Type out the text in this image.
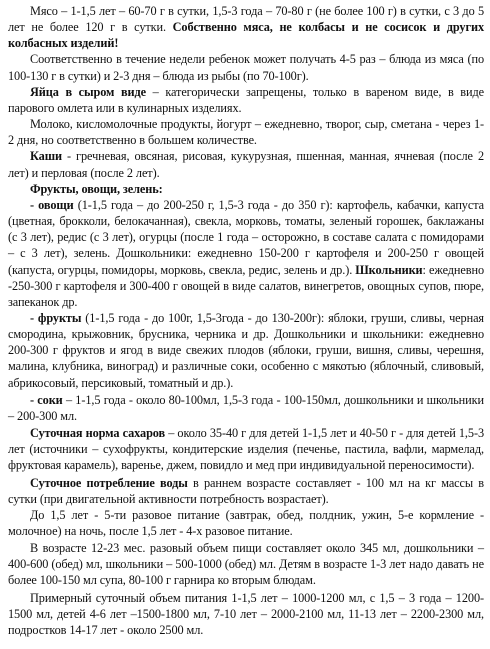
Мясо – 1-1,5 лет – 60-70 г в сутки, 1,5-3 года – 70-80 г (не более 100 г) в сутки, с 3 до 5 лет не более 120 г в сутки. Собственно мяса, не колбасы и не сосисок и других колбасных изделий!

Соответственно в течение недели ребенок может получать 4-5 раз – блюда из мяса (по 100-130 г в сутки) и 2-3 дня – блюда из рыбы (по 70-100г).

Яйца в сыром виде – категорически запрещены, только в вареном виде, в виде парового омлета или в кулинарных изделиях.

Молоко, кисломолочные продукты, йогурт – ежедневно, творог, сыр, сметана - через 1-2 дня, но соответственно в большем количестве.

Каши - гречневая, овсяная, рисовая, кукурузная, пшенная, манная, ячневая (после 2 лет) и перловая (после 2 лет).

Фрукты, овощи, зелень:

- овощи (1-1,5 года – до 200-250 г, 1,5-3 года - до 350 г): картофель, кабачки, капуста (цветная, брокколи, белокачанная), свекла, морковь, томаты, зеленый горошек, баклажаны (с 3 лет), редис (с 3 лет), огурцы (после 1 года – осторожно, в составе салата с помидорами – с 3 лет), зелень. Дошкольники: ежедневно 150-200 г картофеля и 200-250 г овощей (капуста, огурцы, помидоры, морковь, свекла, редис, зелень и др.). Школьники: ежедневно -250-300 г картофеля и 300-400 г овощей в виде салатов, винегретов, овощных супов, пюре, запеканок др.

- фрукты (1-1,5 года - до 100г, 1,5-3года - до 130-200г): яблоки, груши, сливы, черная смородина, крыжовник, брусника, черника и др. Дошкольники и школьники: ежедневно 200-300 г фруктов и ягод в виде свежих плодов (яблоки, груши, вишня, сливы, черешня, малина, клубника, виноград) и различные соки, особенно с мякотью (яблочный, сливовый, абрикосовый, персиковый, томатный и др.).

- соки – 1-1,5 года - около 80-100мл, 1,5-3 года - 100-150мл, дошкольники и школьники – 200-300 мл.

Суточная норма сахаров – около 35-40 г для детей 1-1,5 лет и 40-50 г - для детей 1,5-3 лет (источники – сухофрукты, кондитерские изделия (печенье, пастила, вафли, мармелад, фруктовая карамель), варенье, джем, повидло и мед при индивидуальной переносимости).

Суточное потребление воды в раннем возрасте составляет - 100 мл на кг массы в сутки (при двигательной активности потребность возрастает).

До 1,5 лет - 5-ти разовое питание (завтрак, обед, полдник, ужин, 5-е кормление - молочное) на ночь, после 1,5 лет - 4-х разовое питание.

В возрасте 12-23 мес. разовый объем пищи составляет около 345 мл, дошкольники – 400-600 (обед) мл, школьники – 500-1000 (обед) мл. Детям в возрасте 1-3 лет надо давать не более 100-150 мл супа, 80-100 г гарнира ко вторым блюдам.

Примерный суточный объем питания 1-1,5 лет – 1000-1200 мл, с 1,5 – 3 года – 1200-1500 мл, детей 4-6 лет –1500-1800 мл, 7-10 лет – 2000-2100 мл, 11-13 лет – 2200-2300 мл, подростков 14-17 лет - около 2500 мл.
